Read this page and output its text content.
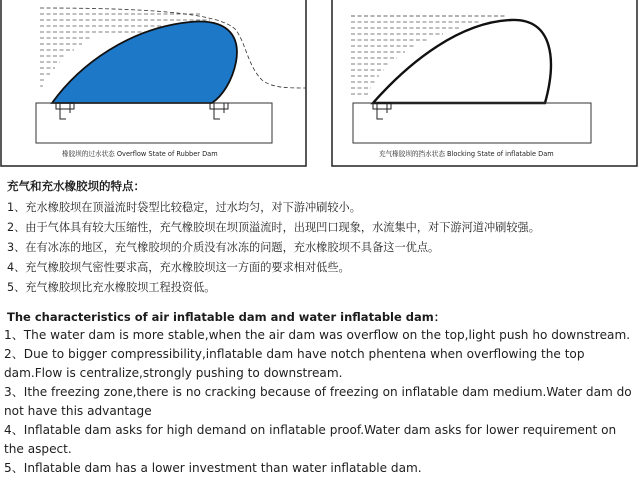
橡胶坝的过水状态 Overflow State of Rubber Dam	充气橡胶坝的挡水状态 Blocking State of inflatable Dam
充气和充水橡胶坝的特点：
1、充水橡胶坝在顶溢流时袋型比较稳定，过水均匀，对下游冲刷较小。
2、由于气体具有较大压缩性，充气橡胶坝在坝顶溢流时，出现凹口现象，水流集中，对下游河道冲刷较强。
3、在有冰冻的地区，充气橡胶坝的介质没有冰冻的问题，充水橡胶坝不具备这一优点。
4、充气橡胶坝气密性要求高，充水橡胶坝这一方面的要求相对低些。
5、充气橡胶坝比充水橡胶坝工程投资低。
The characteristics of air inflatable dam and water inflatable dam：
1、The water dam is more stable,when the air dam was overflow on the top,light push ho downstream.
2、Due to bigger compressibility,inflatable dam have notch phentena when overflowing the top dam.Flow is centralize,strongly pushing to downstream.
3、Ithe freezing zone,there is no cracking because of freezing on inflatable dam medium.Water dam do not have this advantage
4、Inflatable dam asks for high demand on inflatable proof.Water dam asks for lower requirement on the aspect.
5、Inflatable dam has a lower investment than water inflatable dam.
